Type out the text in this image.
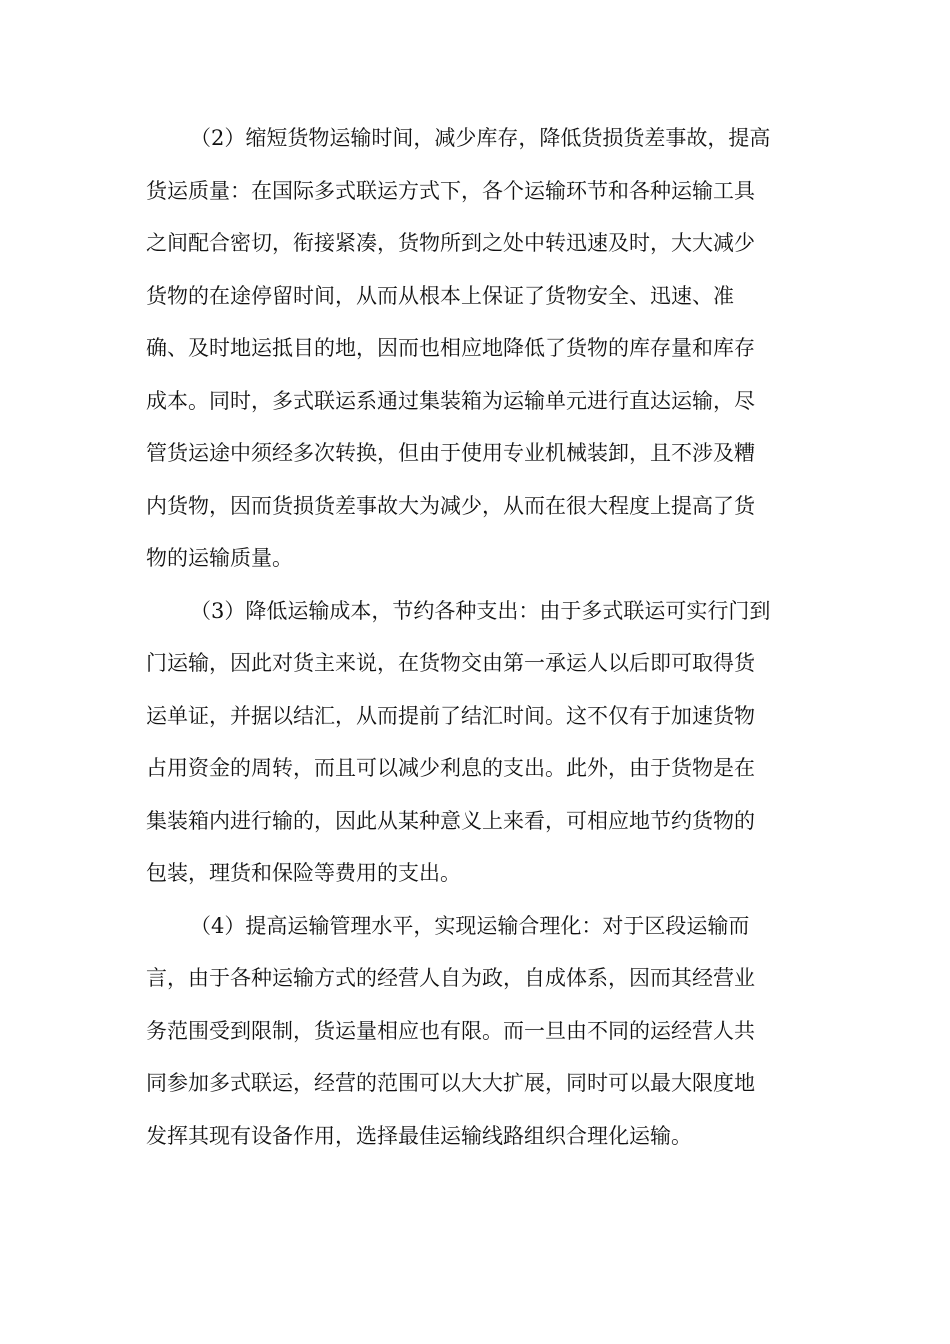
（2）缩短货物运输时间，减少库存，降低货损货差事故，提高
货运质量：在国际多式联运方式下，各个运输环节和各种运输工具
之间配合密切，衔接紧凑，货物所到之处中转迅速及时，大大减少
货物的在途停留时间，从而从根本上保证了货物安全、迅速、准
确、及时地运抵目的地，因而也相应地降低了货物的库存量和库存
成本。同时，多式联运系通过集装箱为运输单元进行直达运输，尽
管货运途中须经多次转换，但由于使用专业机械装卸，且不涉及糟
内货物，因而货损货差事故大为减少，从而在很大程度上提高了货
物的运输质量。

（3）降低运输成本，节约各种支出：由于多式联运可实行门到
门运输，因此对货主来说，在货物交由第一承运人以后即可取得货
运单证，并据以结汇，从而提前了结汇时间。这不仅有于加速货物
占用资金的周转，而且可以减少利息的支出。此外，由于货物是在
集装箱内进行输的，因此从某种意义上来看，可相应地节约货物的
包装，理货和保险等费用的支出。

（4）提高运输管理水平，实现运输合理化：对于区段运输而
言，由于各种运输方式的经营人自为政，自成体系，因而其经营业
务范围受到限制，货运量相应也有限。而一旦由不同的运经营人共
同参加多式联运，经营的范围可以大大扩展，同时可以最大限度地
发挥其现有设备作用，选择最佳运输线路组织合理化运输。
